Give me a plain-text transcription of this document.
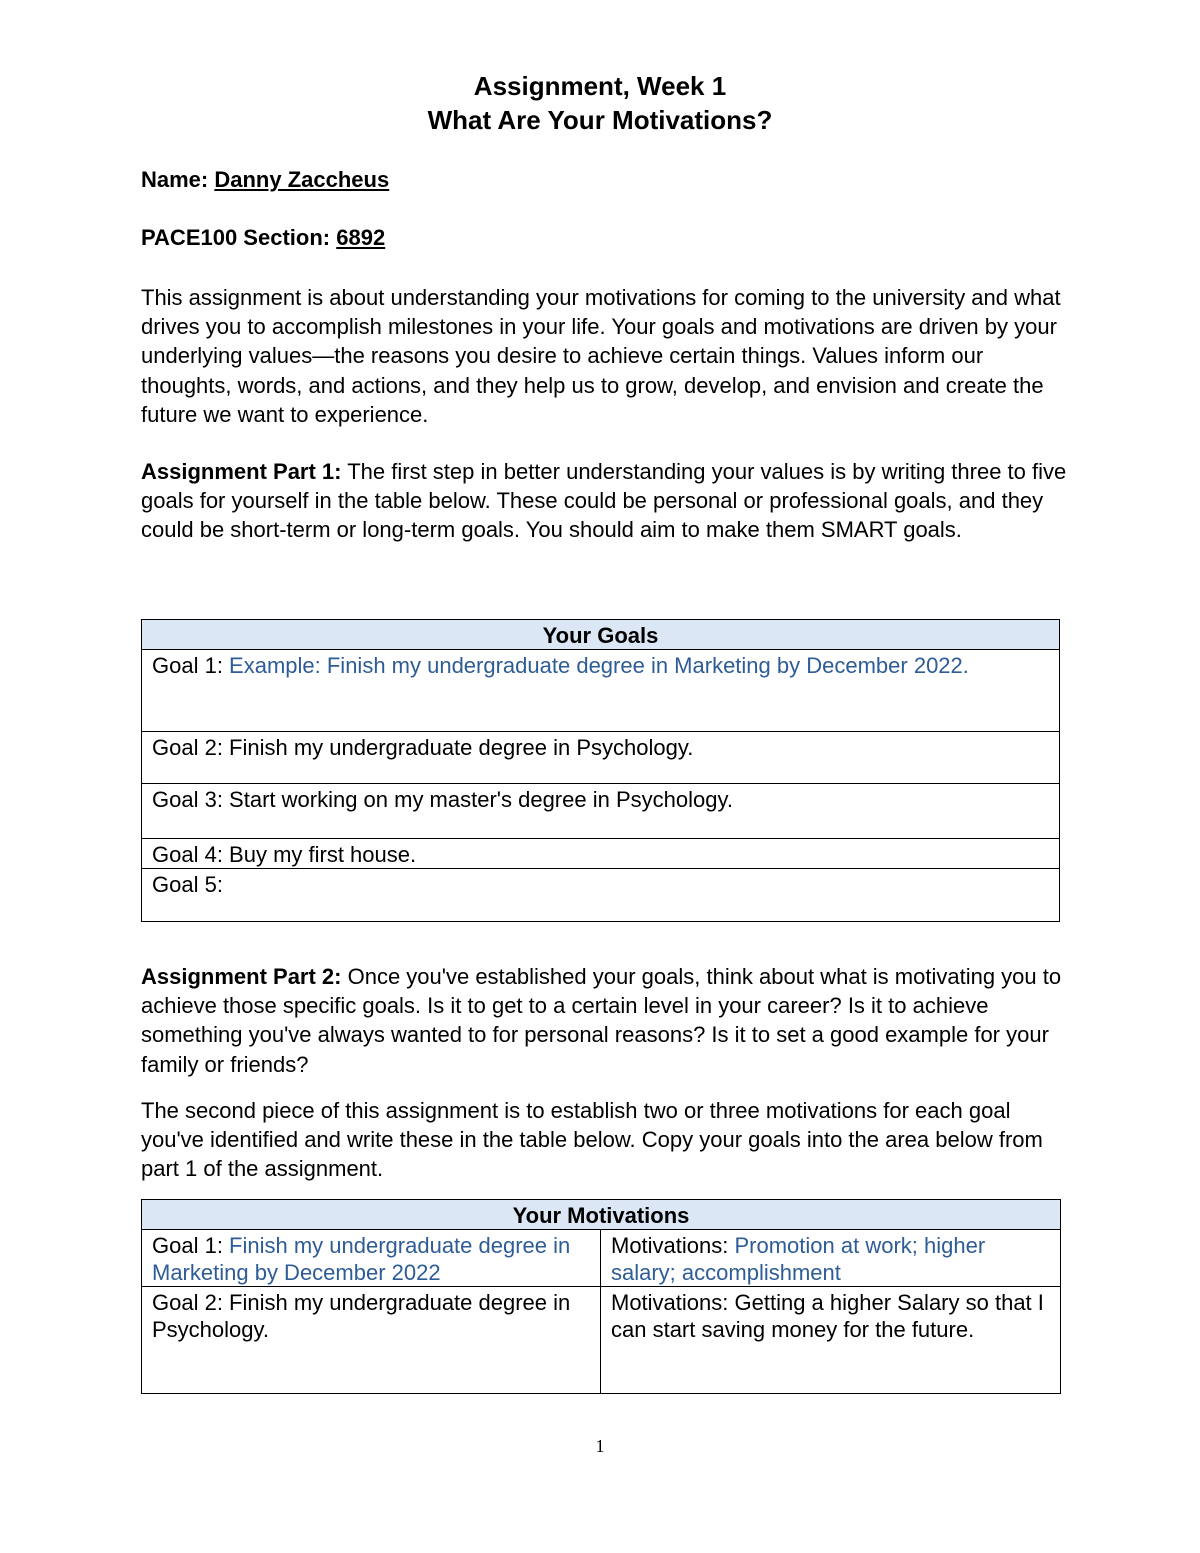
Assignment, Week 1
What Are Your Motivations?
Name: Danny Zaccheus
PACE100 Section: 6892
This assignment is about understanding your motivations for coming to the university and what drives you to accomplish milestones in your life. Your goals and motivations are driven by your underlying values—the reasons you desire to achieve certain things. Values inform our thoughts, words, and actions, and they help us to grow, develop, and envision and create the future we want to experience.
Assignment Part 1: The first step in better understanding your values is by writing three to five goals for yourself in the table below. These could be personal or professional goals, and they could be short-term or long-term goals. You should aim to make them SMART goals.
Your Goals
Goal 1: Example: Finish my undergraduate degree in Marketing by December 2022.
Goal 2: Finish my undergraduate degree in Psychology.
Goal 3: Start working on my master's degree in Psychology.
Goal 4: Buy my first house.
Goal 5:
Assignment Part 2: Once you've established your goals, think about what is motivating you to achieve those specific goals. Is it to get to a certain level in your career? Is it to achieve something you've always wanted to for personal reasons? Is it to set a good example for your family or friends?
The second piece of this assignment is to establish two or three motivations for each goal you've identified and write these in the table below. Copy your goals into the area below from part 1 of the assignment.
Your Motivations	
Goal 1: Finish my undergraduate degree in Marketing by December 2022	Motivations: Promotion at work; higher salary; accomplishment
Goal 2: Finish my undergraduate degree in Psychology.	Motivations: Getting a higher Salary so that I can start saving money for the future.
1
